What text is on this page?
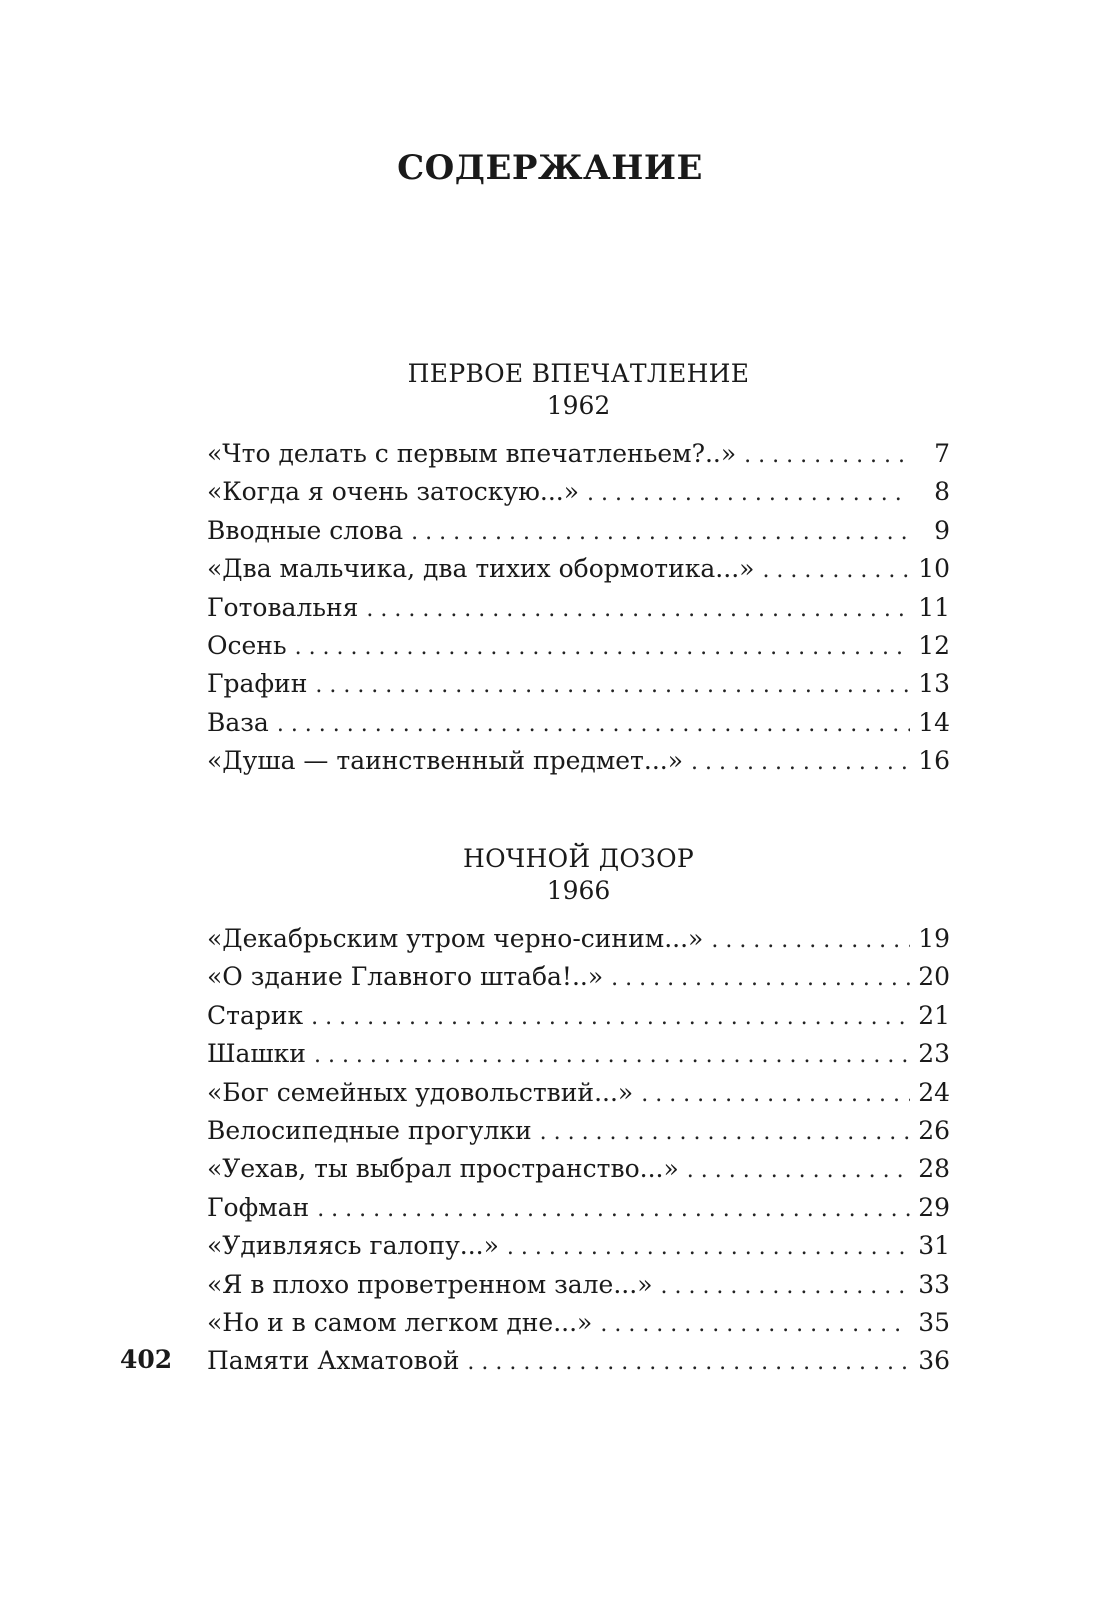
СОДЕРЖАНИЕ
ПЕРВОЕ ВПЕЧАТЛЕНИЕ
1962
«Что делать с первым впечатленьем?..» . . .	7
«Когда я очень затоскую...» . . .	8
Вводные слова . . .	9
«Два мальчика, два тихих обормотика...» . . .	10
Готовальня . . .	11
Осень . . .	12
Графин . . .	13
Ваза . . .	14
«Душа — таинственный предмет...» . . .	16
НОЧНОЙ ДОЗОР
1966
«Декабрьским утром черно-синим...» . . .	19
«О здание Главного штаба!..» . . .	20
Старик . . .	21
Шашки . . .	23
«Бог семейных удовольствий...» . . .	24
Велосипедные прогулки . . .	26
«Уехав, ты выбрал пространство...» . . .	28
Гофман . . .	29
«Удивляясь галопу...» . . .	31
«Я в плохо проветренном зале...» . . .	33
«Но и в самом легком дне...» . . .	35
Памяти Ахматовой . . .	36
402
